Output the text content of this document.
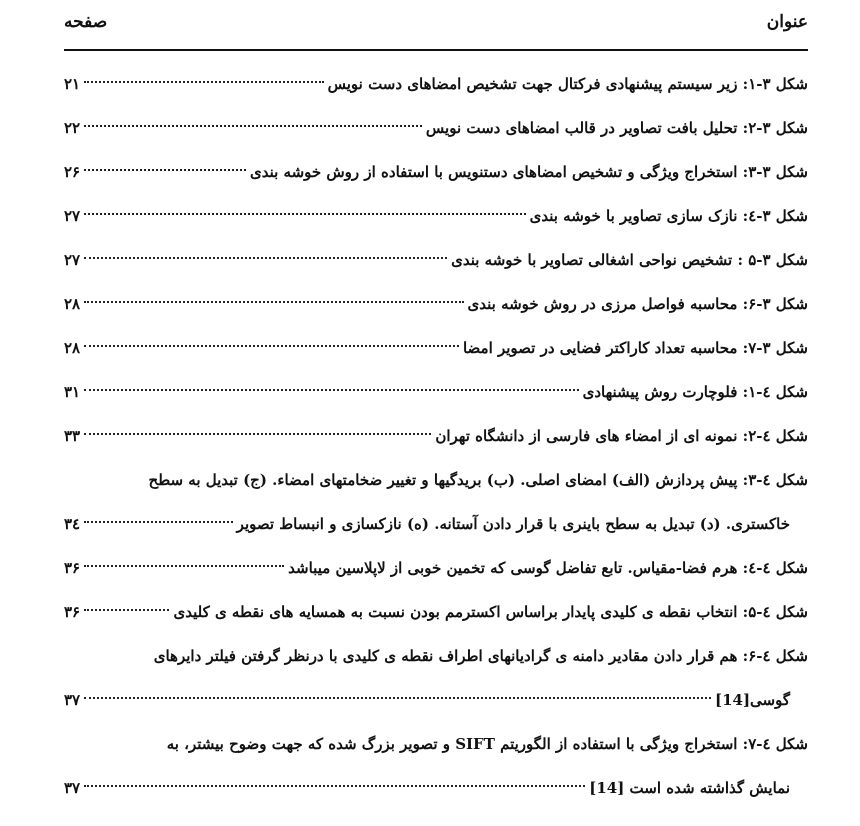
عنوان
صفحه
شکل ۳-۱: زیر سیستم پیشنهادی فرکتال جهت تشخیص امضاهای دست نویس
۲۱
شکل ۳-۲: تحلیل بافت تصاویر در قالب امضاهای دست نویس
۲۲
شکل ۳-۳: استخراج ویژگی و تشخیص امضاهای دستنویس با استفاده از روش خوشه بندی
۲۶
شکل ۳-٤: نازک سازی تصاویر با خوشه بندی
۲۷
شکل ۳-۵ : تشخیص نواحی اشغالی تصاویر با خوشه بندی
۲۷
شکل ۳-۶: محاسبه فواصل مرزی در روش خوشه بندی
۲۸
شکل ۳-۷: محاسبه تعداد کاراکتر فضایی در تصویر امضا
۲۸
شکل ٤-۱: فلوچارت روش پیشنهادی
۳۱
شکل ٤-۲: نمونه ای از امضاء های فارسی از دانشگاه تهران
۳۳
شکل ٤-۳: پیش پردازش (الف) امضای اصلی. (ب) بریدگیها و تغییر ضخامتهای امضاء. (ج) تبدیل به سطح
خاکستری. (د) تبدیل به سطح باینری با قرار دادن آستانه. (ه) نازکسازی و انبساط تصویر
۳٤
شکل ٤-٤: هرم فضا-مقیاس. تابع تفاضل گوسی که تخمین خوبی از لاپلاسین میباشد
۳۶
شکل ٤-۵: انتخاب نقطه ی کلیدی پایدار براساس اکسترمم بودن نسبت به همسایه های نقطه ی کلیدی
۳۶
شکل ٤-۶: هم قرار دادن مقادیر دامنه ی گرادیانهای اطراف نقطه ی کلیدی با درنظر گرفتن فیلتر دایرهای
گوسی[14]
۳۷
شکل ٤-۷: استخراج ویژگی با استفاده از الگوریتم SIFT و تصویر بزرگ شده که جهت وضوح بیشتر، به
نمایش گذاشته شده است [14]
۳۷
